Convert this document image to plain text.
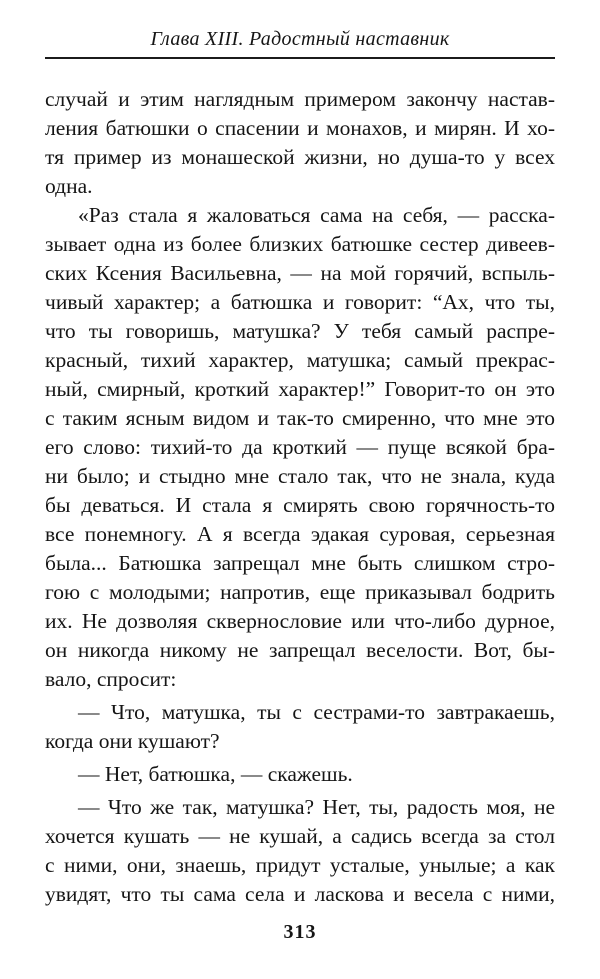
Глава XIII. Радостный наставник
случай и этим наглядным примером закончу настав-
ления батюшки о спасении и монахов, и мирян. И хо-
тя пример из монашеской жизни, но душа-то у всех
одна.
«Раз стала я жаловаться сама на себя, — расска-
зывает одна из более близких батюшке сестер дивеев-
ских Ксения Васильевна, — на мой горячий, вспыль-
чивый характер; а батюшка и говорит: “Ах, что ты,
что ты говоришь, матушка? У тебя самый распре-
красный, тихий характер, матушка; самый прекрас-
ный, смирный, кроткий характер!” Говорит-то он это
с таким ясным видом и так-то смиренно, что мне это
его слово: тихий-то да кроткий — пуще всякой бра-
ни было; и стыдно мне стало так, что не знала, куда
бы деваться. И стала я смирять свою горячность-то
все понемногу. А я всегда эдакая суровая, серьезная
была... Батюшка запрещал мне быть слишком стро-
гою с молодыми; напротив, еще приказывал бодрить
их. Не дозволяя сквернословие или что-либо дурное,
он никогда никому не запрещал веселости. Вот, бы-
вало, спросит:
— Что, матушка, ты с сестрами-то завтракаешь,
когда они кушают?
— Нет, батюшка, — скажешь.
— Что же так, матушка? Нет, ты, радость моя, не
хочется кушать — не кушай, а садись всегда за стол
с ними, они, знаешь, придут усталые, унылые; а как
увидят, что ты сама села и ласкова и весела с ними,
313
